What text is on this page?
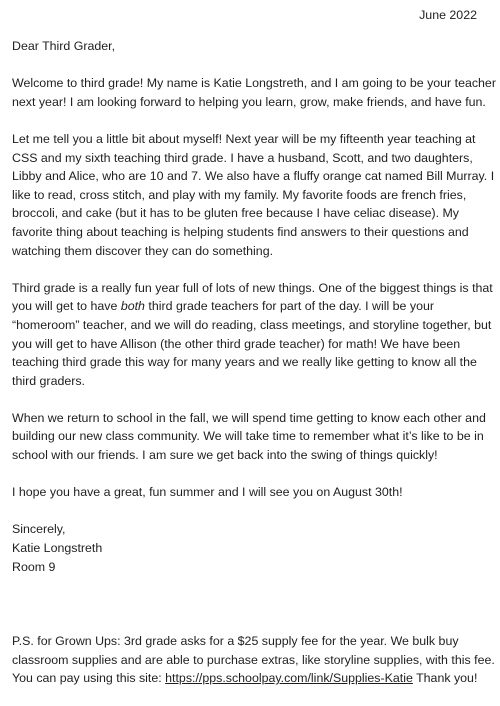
June 2022

Dear Third Grader,

Welcome to third grade! My name is Katie Longstreth, and I am going to be your teacher next year! I am looking forward to helping you learn, grow, make friends, and have fun.

Let me tell you a little bit about myself! Next year will be my fifteenth year teaching at CSS and my sixth teaching third grade. I have a husband, Scott, and two daughters, Libby and Alice, who are 10 and 7. We also have a fluffy orange cat named Bill Murray. I like to read, cross stitch, and play with my family. My favorite foods are french fries, broccoli, and cake (but it has to be gluten free because I have celiac disease). My favorite thing about teaching is helping students find answers to their questions and watching them discover they can do something.

Third grade is a really fun year full of lots of new things. One of the biggest things is that you will get to have both third grade teachers for part of the day. I will be your “homeroom” teacher, and we will do reading, class meetings, and storyline together, but you will get to have Allison (the other third grade teacher) for math! We have been teaching third grade this way for many years and we really like getting to know all the third graders.

When we return to school in the fall, we will spend time getting to know each other and building our new class community. We will take time to remember what it’s like to be in school with our friends. I am sure we get back into the swing of things quickly!

I hope you have a great, fun summer and I will see you on August 30th!

Sincerely,

Katie Longstreth

Room 9

P.S. for Grown Ups: 3rd grade asks for a $25 supply fee for the year. We bulk buy classroom supplies and are able to purchase extras, like storyline supplies, with this fee. You can pay using this site: https://pps.schoolpay.com/link/Supplies-Katie Thank you!
